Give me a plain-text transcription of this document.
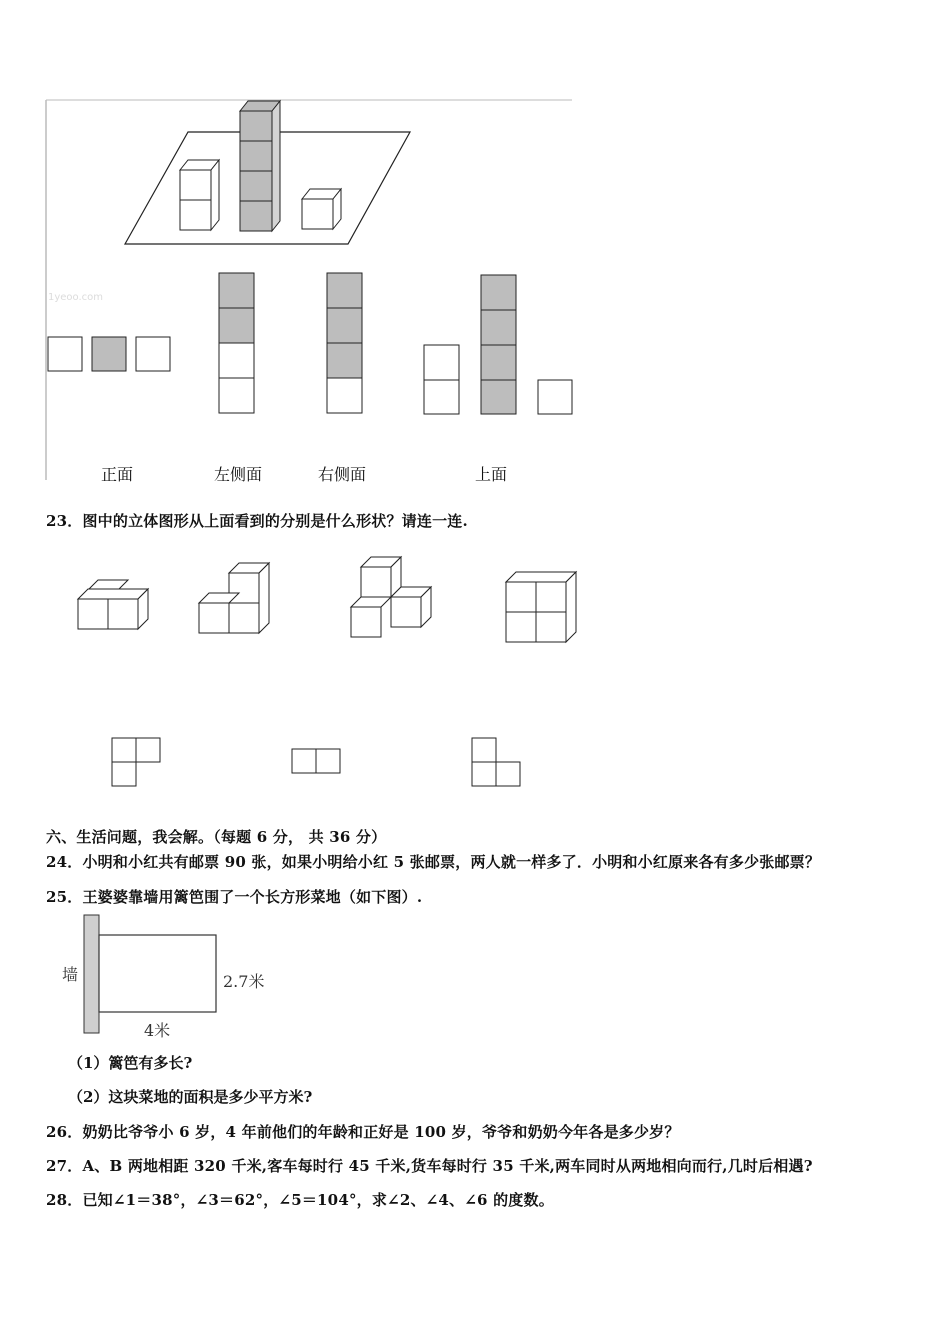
1yeoo.com
正面	左侧面	右侧面	上面
23．图中的立体图形从上面看到的分别是什么形状？请连一连.
六、生活问题，我会解。（每题 6 分， 共 36 分）
24．小明和小红共有邮票 90 张，如果小明给小红 5 张邮票，两人就一样多了．小明和小红原来各有多少张邮票？
25．王婆婆靠墙用篱笆围了一个长方形菜地（如下图）.
墙	2.7米
4米
（1）篱笆有多长?
（2）这块菜地的面积是多少平方米?
26．奶奶比爷爷小 6 岁，4 年前他们的年龄和正好是 100 岁，爷爷和奶奶今年各是多少岁？
27．A、B 两地相距 320 千米,客车每时行 45 千米,货车每时行 35 千米,两车同时从两地相向而行,几时后相遇?
28．已知∠1＝38°，∠3＝62°，∠5＝104°，求∠2、∠4、∠6 的度数。
